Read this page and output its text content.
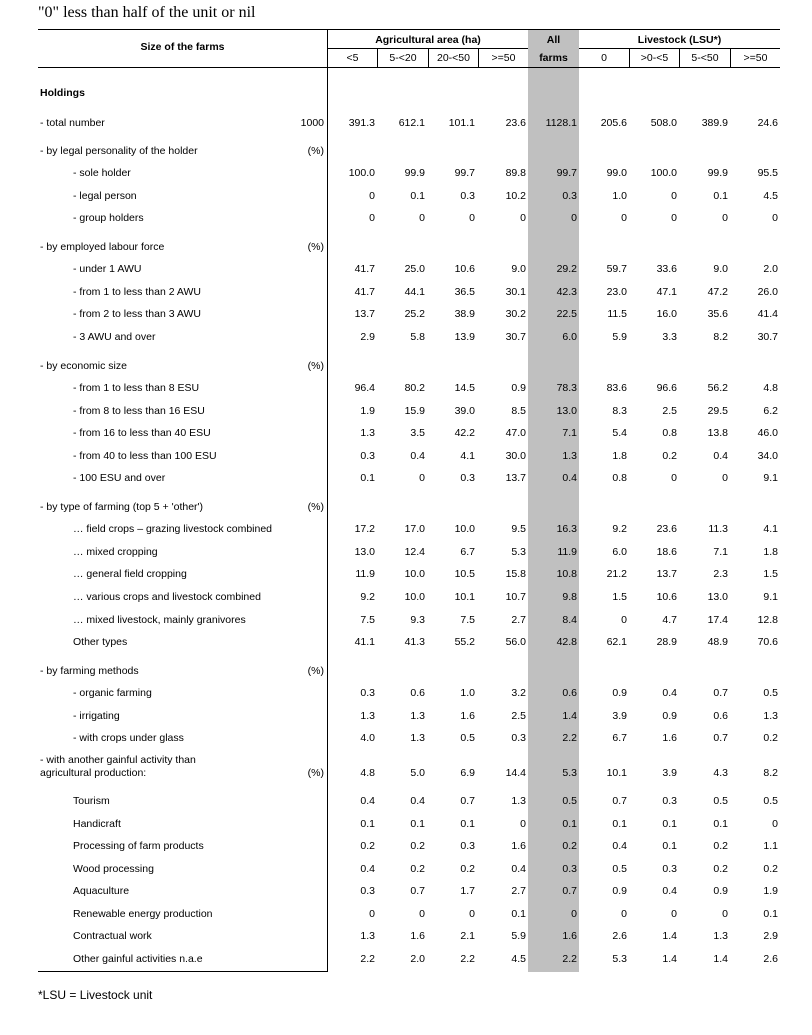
"0" less than half of the unit or nil
Size of the farms
Agricultural area (ha)	All
farms
Livestock (LSU*)
<5	5-<20	20-<50	>=50	0	>0-<5	5-<50	>=50
Holdings
- total number	1000 391.3 612.1 101.1	23.6 1128.1 205.6 508.0 389.9	24.6
- by legal personality of the holder	(%)
- sole holder	100.0	99.9	99.7	89.8	99.7	99.0 100.0	99.9	95.5
- legal person	0	0.1	0.3	10.2	0.3	1.0	0	0.1	4.5
- group holders	0	0	0	0	0	0	0	0	0
- by employed labour force	(%)
- under 1 AWU	41.7	25.0	10.6	9.0	29.2	59.7	33.6	9.0	2.0
- from 1 to less than 2 AWU	41.7	44.1	36.5	30.1	42.3	23.0	47.1	47.2	26.0
- from 2 to less than 3 AWU	13.7	25.2	38.9	30.2	22.5	11.5	16.0	35.6	41.4
- 3 AWU and over	2.9	5.8	13.9	30.7	6.0	5.9	3.3	8.2	30.7
- by economic size	(%)
- from 1 to less than 8 ESU	96.4	80.2	14.5	0.9	78.3	83.6	96.6	56.2	4.8
- from 8 to less than 16 ESU	1.9	15.9	39.0	8.5	13.0	8.3	2.5	29.5	6.2
- from 16 to less than 40 ESU	1.3	3.5	42.2	47.0	7.1	5.4	0.8	13.8	46.0
- from 40 to less than 100 ESU	0.3	0.4	4.1	30.0	1.3	1.8	0.2	0.4	34.0
- 100 ESU and over	0.1	0	0.3	13.7	0.4	0.8	0	0	9.1
- by type of farming (top 5 + 'other')	(%)
… field crops – grazing livestock combined	17.2	17.0	10.0	9.5	16.3	9.2	23.6	11.3	4.1
… mixed cropping	13.0	12.4	6.7	5.3	11.9	6.0	18.6	7.1	1.8
… general field cropping	11.9	10.0	10.5	15.8	10.8	21.2	13.7	2.3	1.5
… various crops and livestock combined	9.2	10.0	10.1	10.7	9.8	1.5	10.6	13.0	9.1
… mixed livestock, mainly granivores	7.5	9.3	7.5	2.7	8.4	0	4.7	17.4	12.8
Other types	41.1	41.3	55.2	56.0	42.8	62.1	28.9	48.9	70.6
- by farming methods	(%)
- organic farming	0.3	0.6	1.0	3.2	0.6	0.9	0.4	0.7	0.5
- irrigating	1.3	1.3	1.6	2.5	1.4	3.9	0.9	0.6	1.3
- with crops under glass	4.0	1.3	0.5	0.3	2.2	6.7	1.6	0.7	0.2
- with another gainful activity than
agricultural production:	(%)	4.8	5.0	6.9	14.4	5.3	10.1	3.9	4.3	8.2
Tourism	0.4	0.4	0.7	1.3	0.5	0.7	0.3	0.5	0.5
Handicraft	0.1	0.1	0.1	0	0.1	0.1	0.1	0.1	0
Processing of farm products	0.2	0.2	0.3	1.6	0.2	0.4	0.1	0.2	1.1
Wood processing	0.4	0.2	0.2	0.4	0.3	0.5	0.3	0.2	0.2
Aquaculture	0.3	0.7	1.7	2.7	0.7	0.9	0.4	0.9	1.9
Renewable energy production	0	0	0	0.1	0	0	0	0	0.1
Contractual work	1.3	1.6	2.1	5.9	1.6	2.6	1.4	1.3	2.9
Other gainful activities n.a.e	2.2	2.0	2.2	4.5	2.2	5.3	1.4	1.4	2.6
*LSU = Livestock unit
